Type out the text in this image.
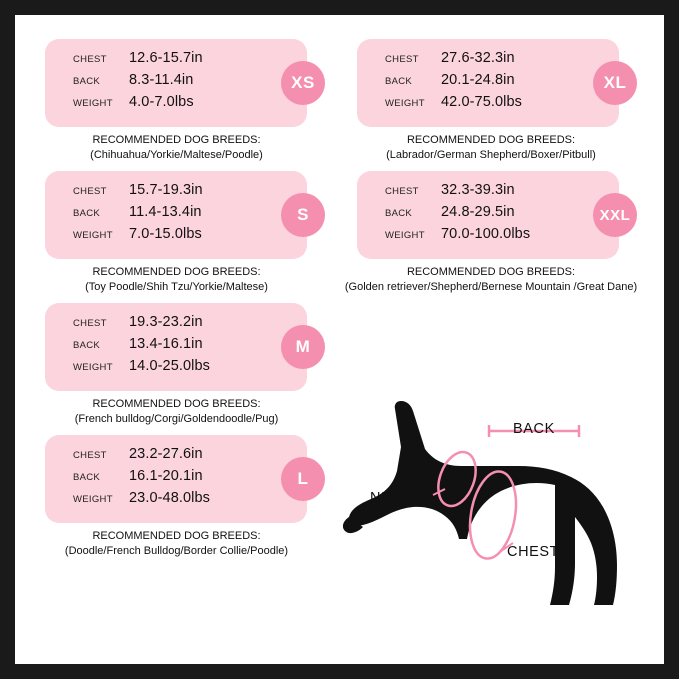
CHEST	12.6-15.7in
BACK	8.3-11.4in
WEIGHT	4.0-7.0lbs
XS
RECOMMENDED DOG BREEDS:
(Chihuahua/Yorkie/Maltese/Poodle)
CHEST	15.7-19.3in
BACK	11.4-13.4in
WEIGHT	7.0-15.0lbs
S
RECOMMENDED DOG BREEDS:
(Toy Poodle/Shih Tzu/Yorkie/Maltese)
CHEST	19.3-23.2in
BACK	13.4-16.1in
WEIGHT	14.0-25.0lbs
M
RECOMMENDED DOG BREEDS:
(French bulldog/Corgi/Goldendoodle/Pug)
CHEST	23.2-27.6in
BACK	16.1-20.1in
WEIGHT	23.0-48.0lbs
L
RECOMMENDED DOG BREEDS:
(Doodle/French Bulldog/Border Collie/Poodle)
CHEST	27.6-32.3in
BACK	20.1-24.8in
WEIGHT	42.0-75.0lbs
XL
RECOMMENDED DOG BREEDS:
(Labrador/German Shepherd/Boxer/Pitbull)
CHEST	32.3-39.3in
BACK	24.8-29.5in
WEIGHT	70.0-100.0lbs
XXL
RECOMMENDED DOG BREEDS:
(Golden retriever/Shepherd/Bernese Mountain /Great Dane)
BACK
NECK
CHEST
